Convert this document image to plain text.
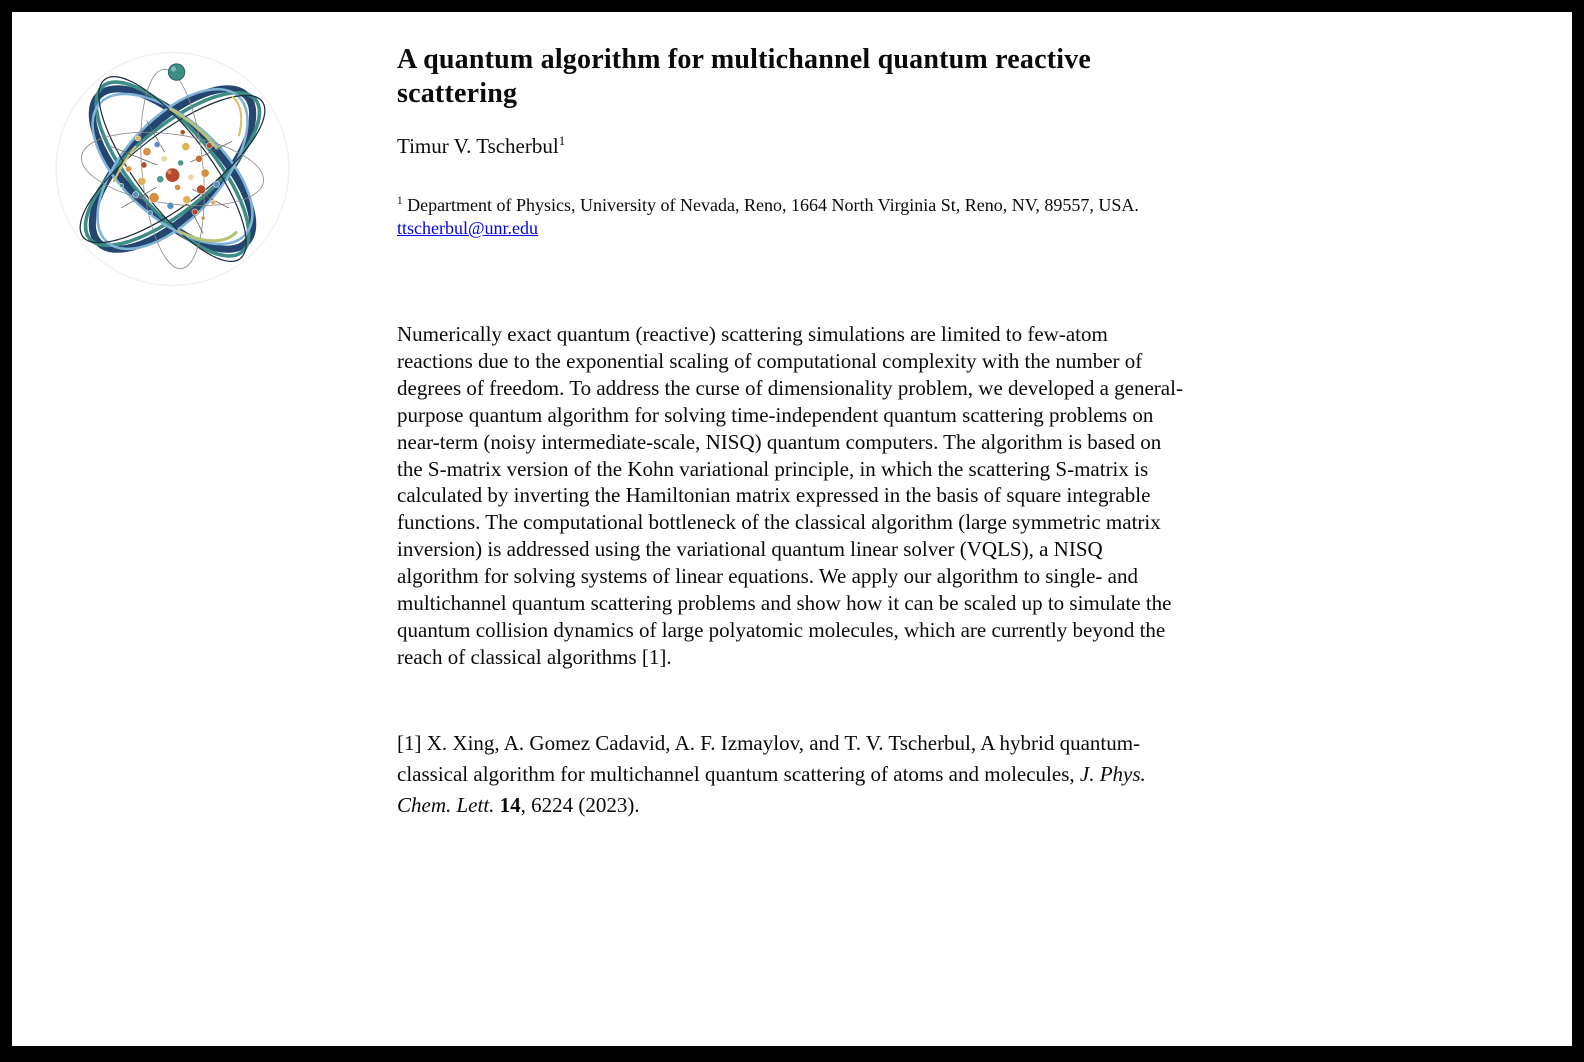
A quantum algorithm for multichannel quantum reactive scattering
Timur V. Tscherbul$^1$
$^1$ Department of Physics, University of Nevada, Reno, 1664 North Virginia St, Reno, NV, 89557, USA. ttscherbul@unr.edu

Numerically exact quantum (reactive) scattering simulations are limited to few-atom reactions due to the exponential scaling of computational complexity with the number of degrees of freedom. To address the curse of dimensionality problem, we developed a general-purpose quantum algorithm for solving time-independent quantum scattering problems on near-term (noisy intermediate-scale, NISQ) quantum computers. The algorithm is based on the S-matrix version of the Kohn variational principle, in which the scattering S-matrix is calculated by inverting the Hamiltonian matrix expressed in the basis of square integrable functions. The computational bottleneck of the classical algorithm (large symmetric matrix inversion) is addressed using the variational quantum linear solver (VQLS), a NISQ algorithm for solving systems of linear equations. We apply our algorithm to single- and multichannel quantum scattering problems and show how it can be scaled up to simulate the quantum collision dynamics of large polyatomic molecules, which are currently beyond the reach of classical algorithms [1].

[1] X. Xing, A. Gomez Cadavid, A. F. Izmaylov, and T. V. Tscherbul, A hybrid quantum-classical algorithm for multichannel quantum scattering of atoms and molecules, J. Phys. Chem. Lett. 14, 6224 (2023).
